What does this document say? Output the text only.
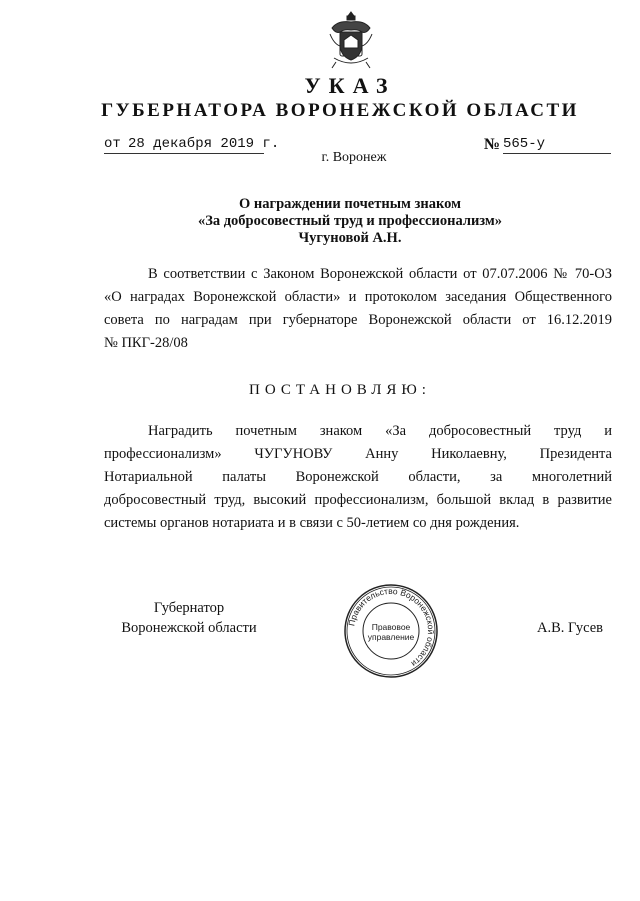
УКАЗ
ГУБЕРНАТОРА ВОРОНЕЖСКОЙ ОБЛАСТИ
от 28 декабря 2019 г.	№ 565-у
г. Воронеж
О награждении почетным знаком
«За добросовестный труд и профессионализм»
Чугуновой А.Н.
В соответствии с Законом Воронежской области от 07.07.2006 № 70-ОЗ
«О наградах Воронежской области» и протоколом заседания Общественного
совета по наградам при губернаторе Воронежской области от 16.12.2019
№ ПКГ-28/08
ПОСТАНОВЛЯЮ:
Наградить почетным знаком «За добросовестный труд и
профессионализм» ЧУГУНОВУ Анну Николаевну, Президента
Нотариальной палаты Воронежской области, за многолетний
добросовестный труд, высокий профессионализм, большой вклад в развитие
системы органов нотариата и в связи с 50-летием со дня рождения.
Губернатор
Воронежской области	Правительство Воронежской области
Правовое
управление
А.В. Гусев
